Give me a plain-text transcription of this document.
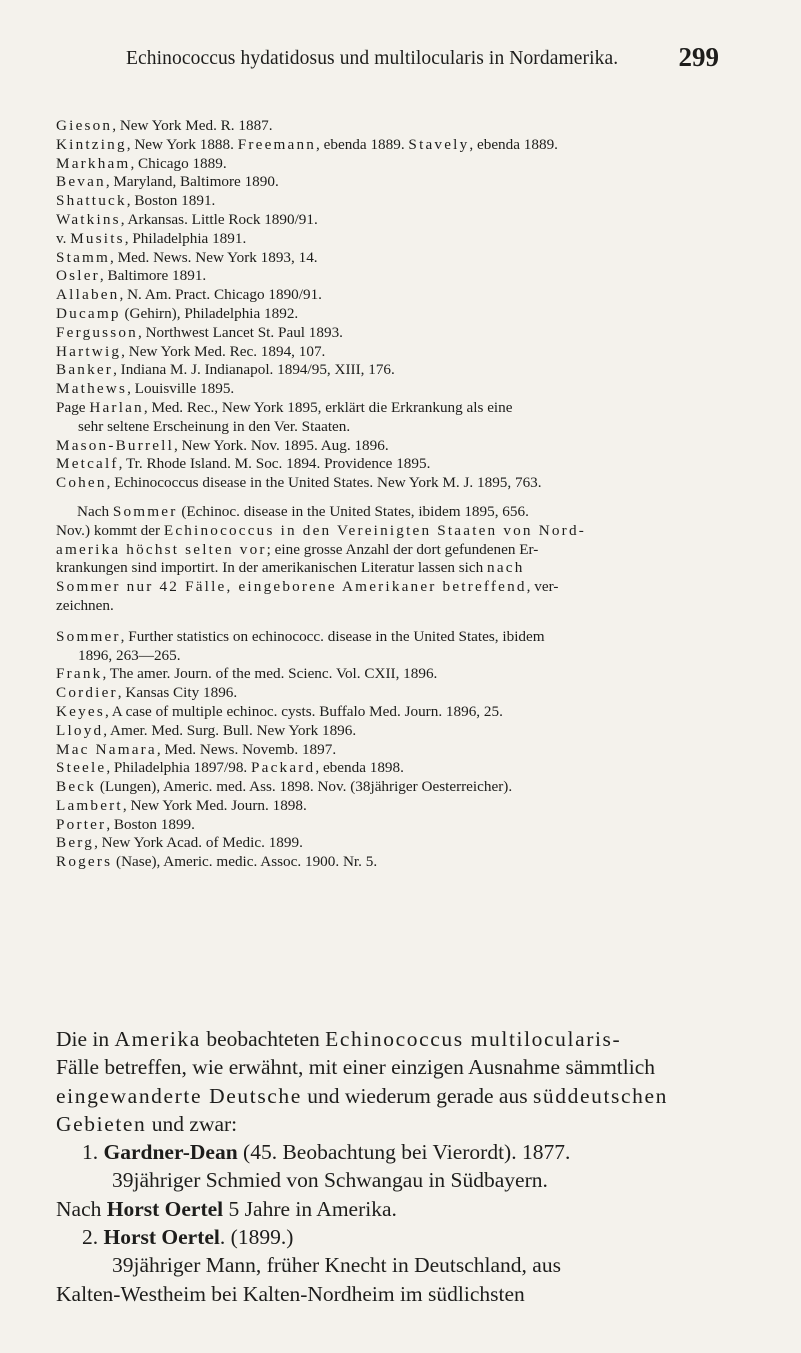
Echinococcus hydatidosus und multilocularis in Nordamerika. 299
Gieson, New York Med. R. 1887.
Kintzing, New York 1888. Freemann, ebenda 1889. Stavely, ebenda 1889.
Markham, Chicago 1889.
Bevan, Maryland, Baltimore 1890.
Shattuck, Boston 1891.
Watkins, Arkansas. Little Rock 1890/91.
v. Musits, Philadelphia 1891.
Stamm, Med. News. New York 1893, 14.
Osler, Baltimore 1891.
Allaben, N. Am. Pract. Chicago 1890/91.
Ducamp (Gehirn), Philadelphia 1892.
Fergusson, Northwest Lancet St. Paul 1893.
Hartwig, New York Med. Rec. 1894, 107.
Banker, Indiana M. J. Indianapol. 1894/95, XIII, 176.
Mathews, Louisville 1895.
Page Harlan, Med. Rec., New York 1895, erklärt die Erkrankung als eine
sehr seltene Erscheinung in den Ver. Staaten.
Mason-Burrell, New York. Nov. 1895. Aug. 1896.
Metcalf, Tr. Rhode Island. M. Soc. 1894. Providence 1895.
Cohen, Echinococcus disease in the United States. New York M. J. 1895, 763.
Nach Sommer (Echinoc. disease in the United States, ibidem 1895, 656.
Nov.) kommt der Echinococcus in den Vereinigten Staaten von Nord-
amerika höchst selten vor; eine grosse Anzahl der dort gefundenen Er-
krankungen sind importirt. In der amerikanischen Literatur lassen sich nach
Sommer nur 42 Fälle, eingeborene Amerikaner betreffend, ver-
zeichnen.
Sommer, Further statistics on echinococc. disease in the United States, ibidem
1896, 263—265.
Frank, The amer. Journ. of the med. Scienc. Vol. CXII, 1896.
Cordier, Kansas City 1896.
Keyes, A case of multiple echinoc. cysts. Buffalo Med. Journ. 1896, 25.
Lloyd, Amer. Med. Surg. Bull. New York 1896.
Mac Namara, Med. News. Novemb. 1897.
Steele, Philadelphia 1897/98. Packard, ebenda 1898.
Beck (Lungen), Americ. med. Ass. 1898. Nov. (38jähriger Oesterreicher).
Lambert, New York Med. Journ. 1898.
Porter, Boston 1899.
Berg, New York Acad. of Medic. 1899.
Rogers (Nase), Americ. medic. Assoc. 1900. Nr. 5.
Die in Amerika beobachteten Echinococcus multilocularis-
Fälle betreffen, wie erwähnt, mit einer einzigen Ausnahme sämmtlich
eingewanderte Deutsche und wiederum gerade aus süddeutschen
Gebieten und zwar:
1. Gardner-Dean (45. Beobachtung bei Vierordt). 1877.
39jähriger Schmied von Schwangau in Südbayern.
Nach Horst Oertel 5 Jahre in Amerika.
2. Horst Oertel. (1899.)
39jähriger Mann, früher Knecht in Deutschland, aus
Kalten-Westheim bei Kalten-Nordheim im südlichsten
